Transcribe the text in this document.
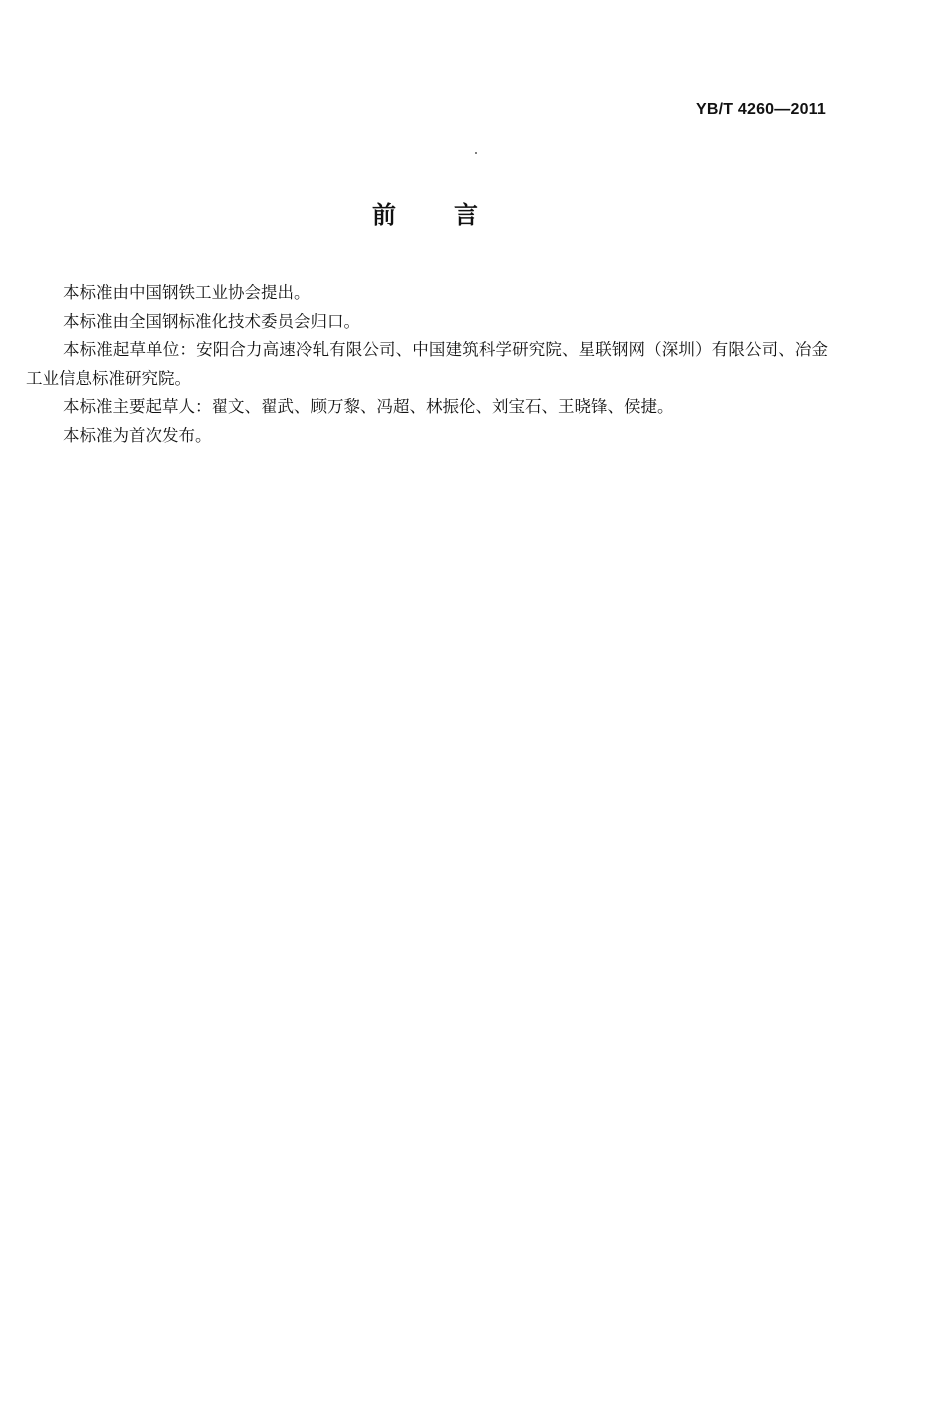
YB/T 4260—2011
前 言

本标准由中国钢铁工业协会提出。

本标准由全国钢标准化技术委员会归口。

本标准起草单位：安阳合力高速冷轧有限公司、中国建筑科学研究院、星联钢网（深圳）有限公司、冶金工业信息标准研究院。

本标准主要起草人：翟文、翟武、顾万黎、冯超、林振伦、刘宝石、王晓锋、侯捷。

本标准为首次发布。
